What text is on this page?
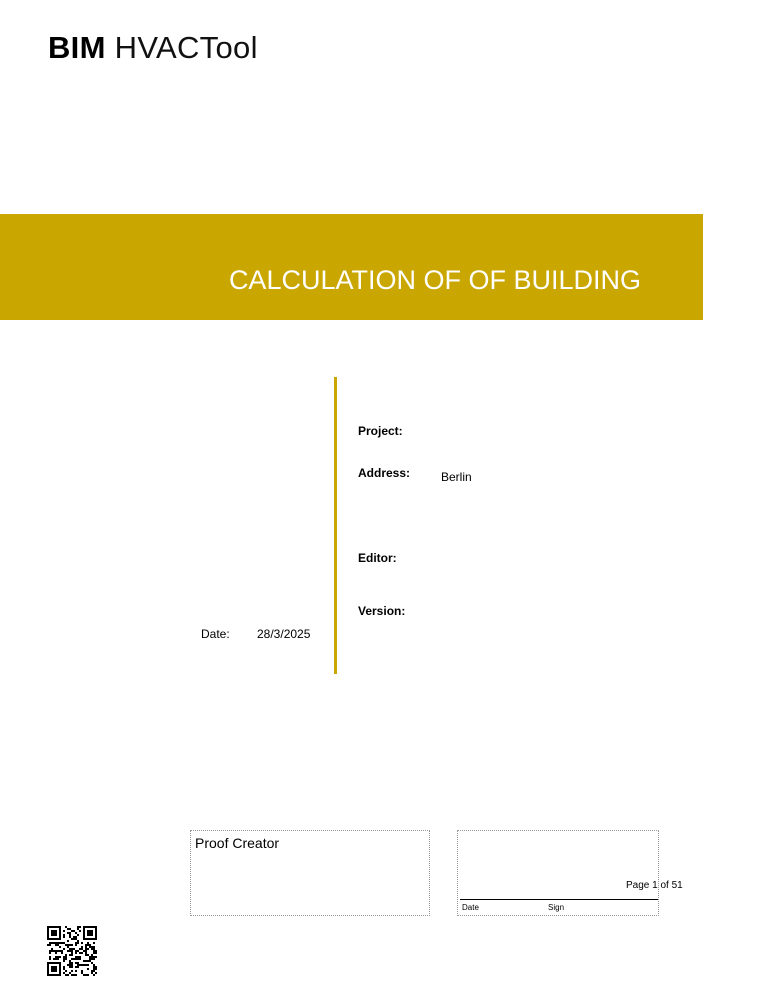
BIM HVACTool

CALCULATION OF OF BUILDING

ENVELOPE

Project:
Address:	Berlin
Editor:
Version:
Date: 28/3/2025
Proof Creator
Date	Sign
Page 1 of 51
